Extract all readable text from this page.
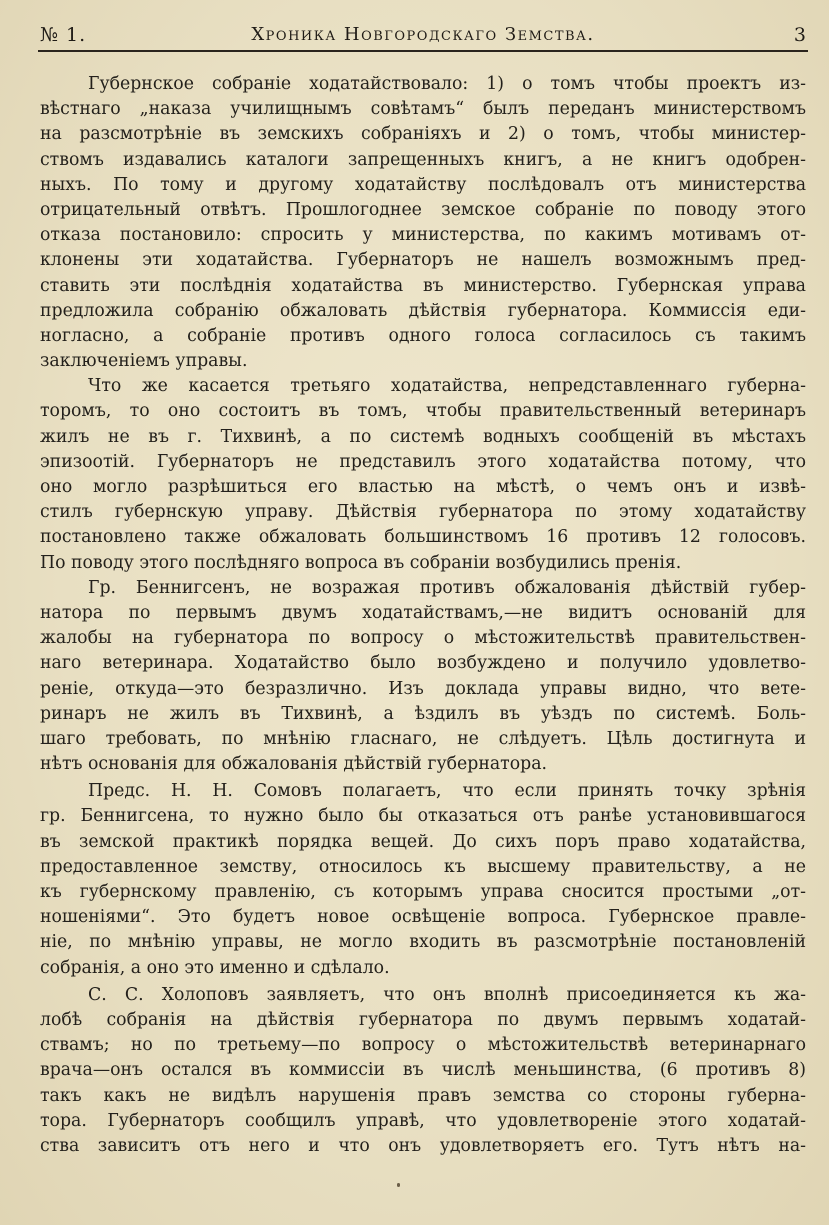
№ 1.	Хроника Новгородскаго Земства.	3
Губернское собраніе ходатайствовало: 1) о томъ чтобы проектъ из-
вѣстнаго „наказа училищнымъ совѣтамъ“ былъ переданъ министерствомъ
на разсмотрѣніе въ земскихъ собраніяхъ и 2) о томъ, чтобы министер-
ствомъ издавались каталоги запрещенныхъ книгъ, а не книгъ одобрен-
ныхъ. По тому и другому ходатайству послѣдовалъ отъ министерства
отрицательный отвѣтъ. Прошлогоднее земское собраніе по поводу этого
отказа постановило: спросить у министерства, по какимъ мотивамъ от-
клонены эти ходатайства. Губернаторъ не нашелъ возможнымъ пред-
ставить эти послѣднія ходатайства въ министерство. Губернская управа
предложила собранію обжаловать дѣйствія губернатора. Коммиссія еди-
ногласно, а собраніе противъ одного голоса согласилось съ такимъ
заключеніемъ управы.
Что же касается третьяго ходатайства, непредставленнаго губерна-
торомъ, то оно состоитъ въ томъ, чтобы правительственный ветеринаръ
жилъ не въ г. Тихвинѣ, а по системѣ водныхъ сообщеній въ мѣстахъ
эпизоотій. Губернаторъ не представилъ этого ходатайства потому, что
оно могло разрѣшиться его властью на мѣстѣ, о чемъ онъ и извѣ-
стилъ губернскую управу. Дѣйствія губернатора по этому ходатайству
постановлено также обжаловать большинствомъ 16 противъ 12 голосовъ.
По поводу этого послѣдняго вопроса въ собраніи возбудились пренія.
Гр. Беннигсенъ, не возражая противъ обжалованія дѣйствій губер-
натора по первымъ двумъ ходатайствамъ,—не видитъ основаній для
жалобы на губернатора по вопросу о мѣстожительствѣ правительствен-
наго ветеринара. Ходатайство было возбуждено и получило удовлетво-
реніе, откуда—это безразлично. Изъ доклада управы видно, что вете-
ринаръ не жилъ въ Тихвинѣ, а ѣздилъ въ уѣздъ по системѣ. Боль-
шаго требовать, по мнѣнію гласнаго, не слѣдуетъ. Цѣль достигнута и
нѣтъ основанія для обжалованія дѣйствій губернатора.
Предс. Н. Н. Сомовъ полагаетъ, что если принять точку зрѣнія
гр. Беннигсена, то нужно было бы отказаться отъ ранѣе установившагося
въ земской практикѣ порядка вещей. До сихъ поръ право ходатайства,
предоставленное земству, относилось къ высшему правительству, а не
къ губернскому правленію, съ которымъ управа сносится простыми „от-
ношеніями“. Это будетъ новое освѣщеніе вопроса. Губернское правле-
ніе, по мнѣнію управы, не могло входить въ разсмотрѣніе постановленій
собранія, а оно это именно и сдѣлало.
С. С. Холоповъ заявляетъ, что онъ вполнѣ присоединяется къ жа-
лобѣ собранія на дѣйствія губернатора по двумъ первымъ ходатай-
ствамъ; но по третьему—по вопросу о мѣстожительствѣ ветеринарнаго
врача—онъ остался въ коммиссіи въ числѣ меньшинства, (6 противъ 8)
такъ какъ не видѣлъ нарушенія правъ земства со стороны губерна-
тора. Губернаторъ сообщилъ управѣ, что удовлетвореніе этого ходатай-
ства зависитъ отъ него и что онъ удовлетворяетъ его. Тутъ нѣтъ на-
